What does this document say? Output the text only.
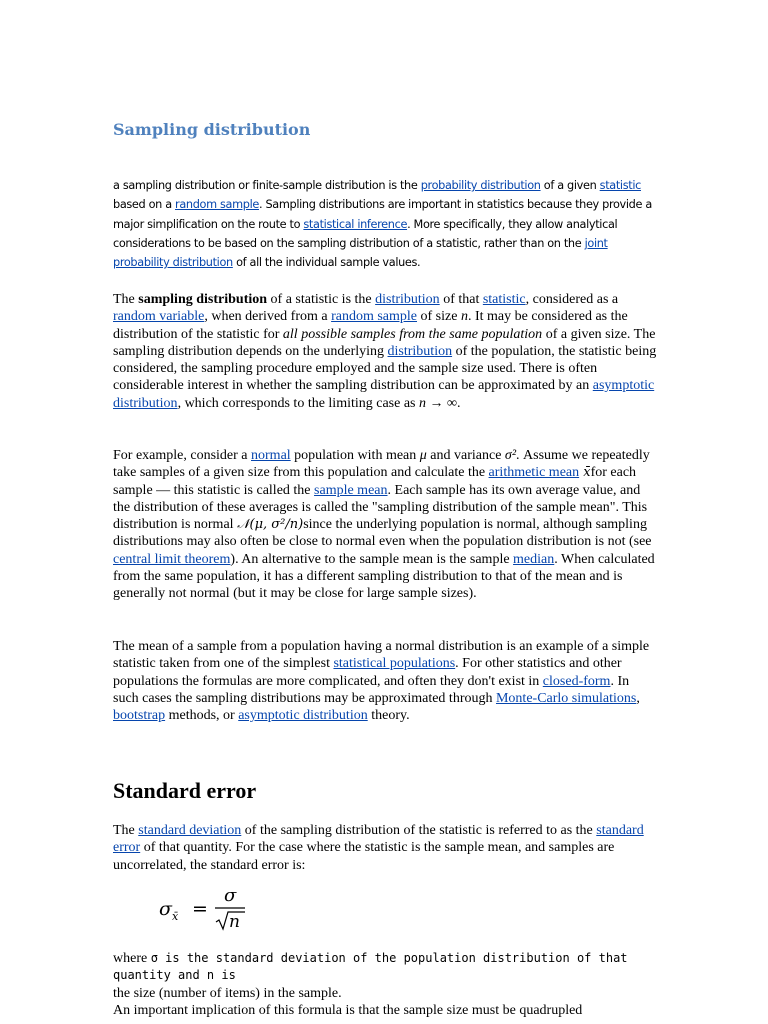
Sampling distribution

a sampling distribution or finite-sample distribution is the probability distribution of a given statistic based on a random sample. Sampling distributions are important in statistics because they provide a major simplification on the route to statistical inference. More specifically, they allow analytical considerations to be based on the sampling distribution of a statistic, rather than on the joint probability distribution of all the individual sample values.

The sampling distribution of a statistic is the distribution of that statistic, considered as a random variable, when derived from a random sample of size n. It may be considered as the distribution of the statistic for all possible samples from the same population of a given size. The sampling distribution depends on the underlying distribution of the population, the statistic being considered, the sampling procedure employed and the sample size used. There is often considerable interest in whether the sampling distribution can be approximated by an asymptotic distribution, which corresponds to the limiting case as n → ∞.

For example, consider a normal population with mean μ and variance σ². Assume we repeatedly take samples of a given size from this population and calculate the arithmetic mean x̄for each sample — this statistic is called the sample mean. Each sample has its own average value, and the distribution of these averages is called the "sampling distribution of the sample mean". This distribution is normal 𝒩(μ, σ²/n)since the underlying population is normal, although sampling distributions may also often be close to normal even when the population distribution is not (see central limit theorem). An alternative to the sample mean is the sample median. When calculated from the same population, it has a different sampling distribution to that of the mean and is generally not normal (but it may be close for large sample sizes).

The mean of a sample from a population having a normal distribution is an example of a simple statistic taken from one of the simplest statistical populations. For other statistics and other populations the formulas are more complicated, and often they don't exist in closed-form. In such cases the sampling distributions may be approximated through Monte-Carlo simulations, bootstrap methods, or asymptotic distribution theory.

Standard error

The standard deviation of the sampling distribution of the statistic is referred to as the standard error of that quantity. For the case where the statistic is the sample mean, and samples are uncorrelated, the standard error is:

σ x̄ =
σ
n

where σ is the standard deviation of the population distribution of that quantity and n is
the size (number of items) in the sample.

An important implication of this formula is that the sample size must be quadrupled
